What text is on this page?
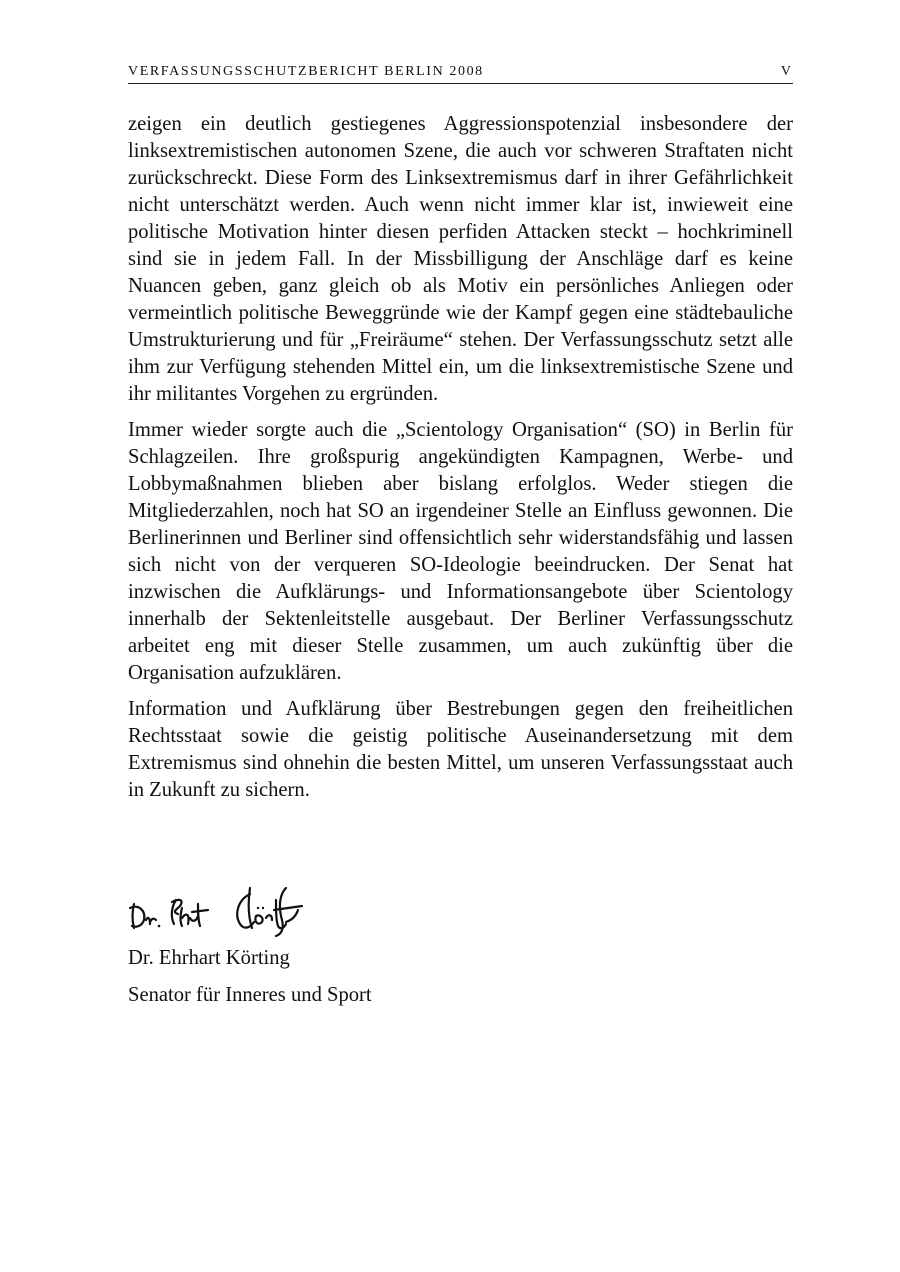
VERFASSUNGSSCHUTZBERICHT BERLIN 2008	V

zeigen ein deutlich gestiegenes Aggressionspotenzial insbesondere der linksextremistischen autonomen Szene, die auch vor schweren Straftaten nicht zurückschreckt. Diese Form des Linksextremismus darf in ihrer Gefährlichkeit nicht unterschätzt werden. Auch wenn nicht immer klar ist, inwieweit eine politische Motivation hinter diesen perfiden Attacken steckt – hochkriminell sind sie in jedem Fall. In der Missbilligung der Anschläge darf es keine Nuancen geben, ganz gleich ob als Motiv ein persönliches Anliegen oder vermeintlich politische Beweggründe wie der Kampf gegen eine städtebauliche Umstrukturierung und für „Freiräume“ stehen. Der Verfassungsschutz setzt alle ihm zur Verfügung stehenden Mittel ein, um die linksextremistische Szene und ihr militantes Vorgehen zu ergründen.

Immer wieder sorgte auch die „Scientology Organisation“ (SO) in Berlin für Schlagzeilen. Ihre großspurig angekündigten Kampagnen, Werbe- und Lobbymaßnahmen blieben aber bislang erfolglos. Weder stiegen die Mitgliederzahlen, noch hat SO an irgendeiner Stelle an Einfluss gewonnen. Die Berlinerinnen und Berliner sind offensichtlich sehr widerstandsfähig und lassen sich nicht von der verqueren SO-Ideologie beeindrucken. Der Senat hat inzwischen die Aufklärungs- und Informationsangebote über Scientology innerhalb der Sektenleitstelle ausgebaut. Der Berliner Verfassungsschutz arbeitet eng mit dieser Stelle zusammen, um auch zukünftig über die Organisation aufzuklären.

Information und Aufklärung über Bestrebungen gegen den freiheitlichen Rechtsstaat sowie die geistig politische Auseinandersetzung mit dem Extremismus sind ohnehin die besten Mittel, um unseren Verfassungsstaat auch in Zukunft zu sichern.

Dr. Ehrhart Körting
Senator für Inneres und Sport
